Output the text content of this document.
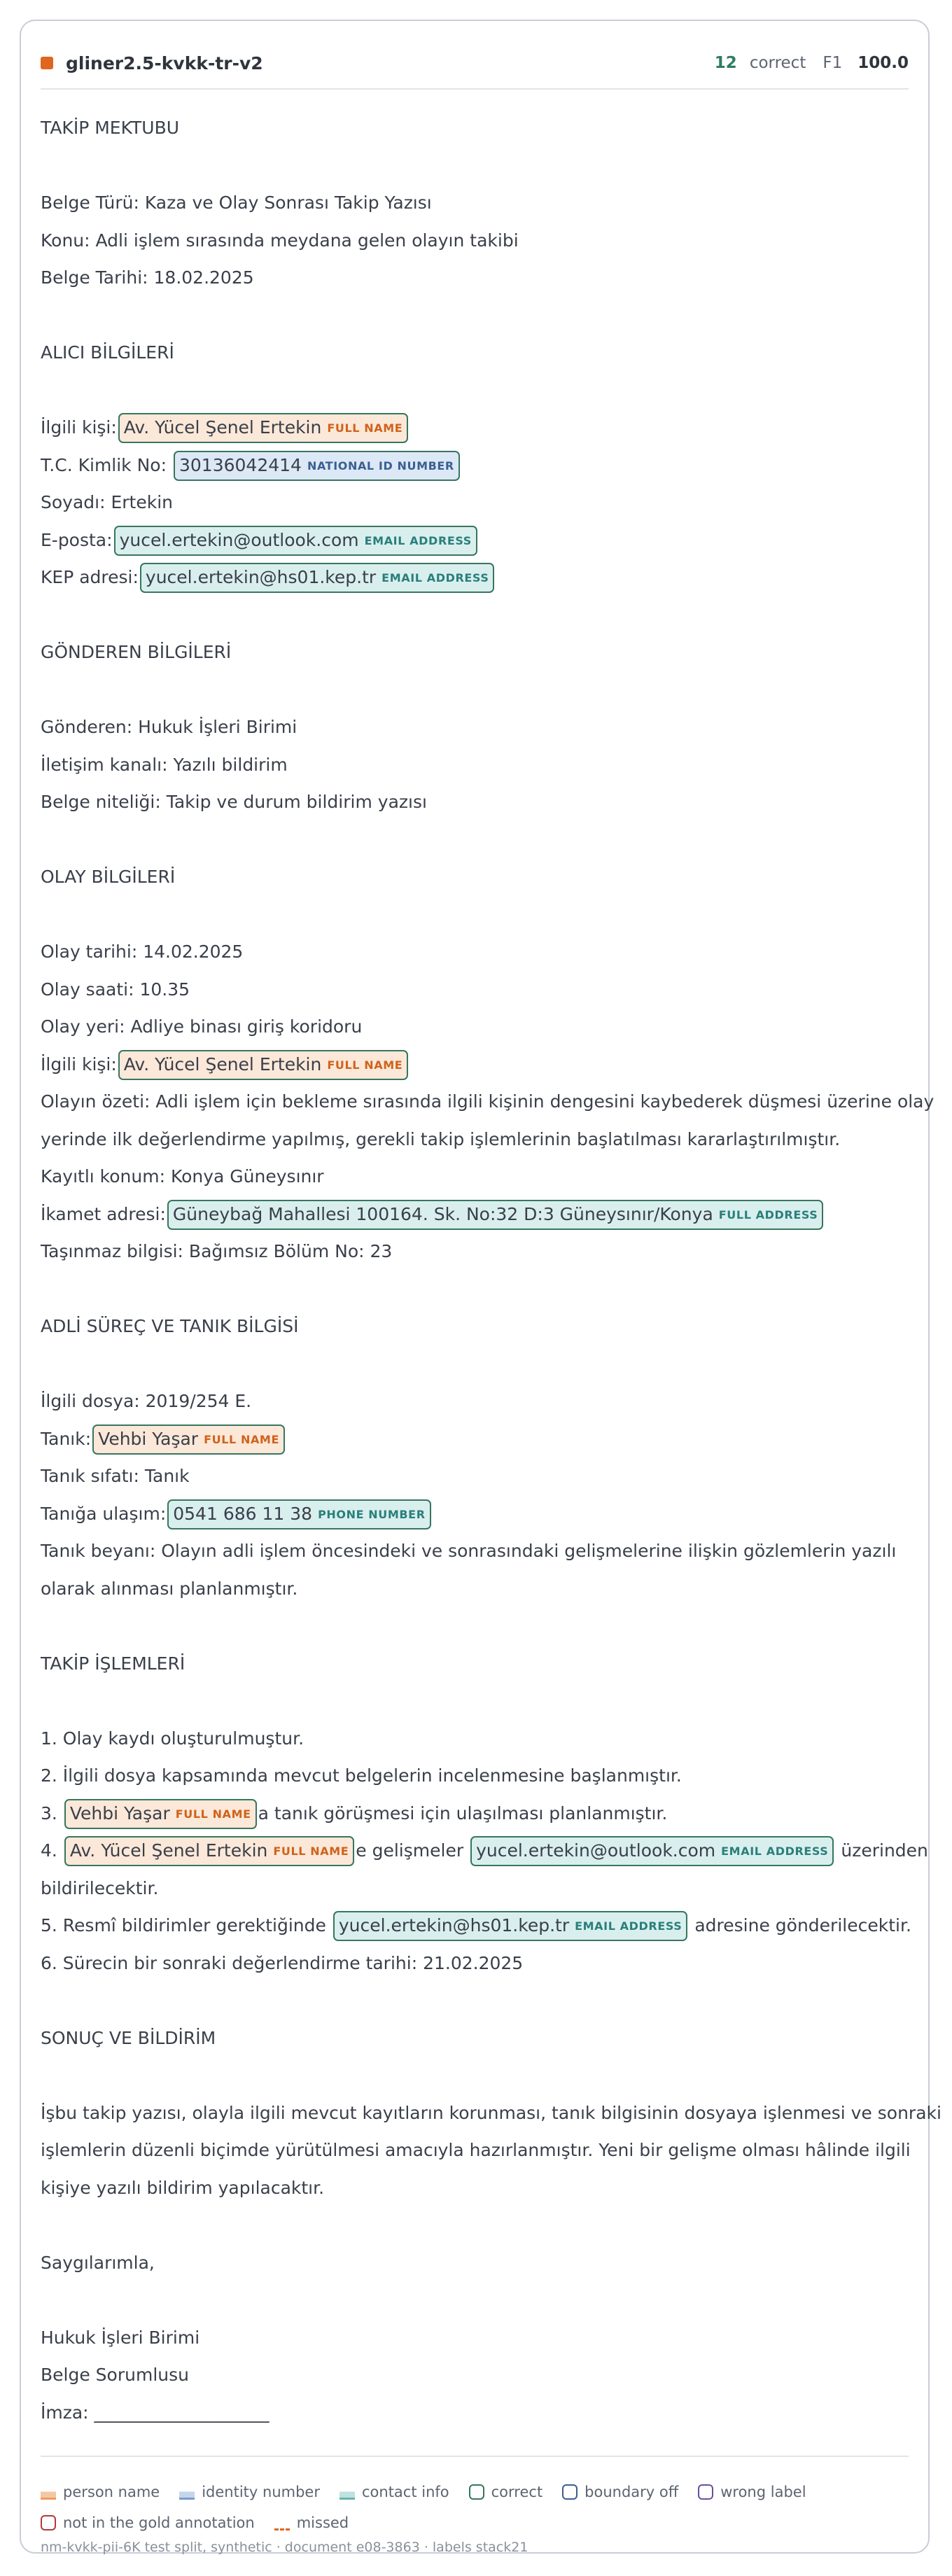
gliner2.5-kvkk-tr-v2	12 correct F1 100.0
TAKİP MEKTUBU
Belge Türü: Kaza ve Olay Sonrası Takip Yazısı
Konu: Adli işlem sırasında meydana gelen olayın takibi
Belge Tarihi: 18.02.2025
ALICI BİLGİLERİ
İlgili kişi: Av. Yücel Şenel Ertekin FULL NAME
T.C. Kimlik No: 30136042414 NATIONAL ID NUMBER
Soyadı: Ertekin
E-posta: yucel.ertekin@outlook.com EMAIL ADDRESS
KEP adresi: yucel.ertekin@hs01.kep.tr EMAIL ADDRESS
GÖNDEREN BİLGİLERİ
Gönderen: Hukuk İşleri Birimi
İletişim kanalı: Yazılı bildirim
Belge niteliği: Takip ve durum bildirim yazısı
OLAY BİLGİLERİ
Olay tarihi: 14.02.2025
Olay saati: 10.35
Olay yeri: Adliye binası giriş koridoru
İlgili kişi: Av. Yücel Şenel Ertekin FULL NAME
Olayın özeti: Adli işlem için bekleme sırasında ilgili kişinin dengesini kaybederek düşmesi üzerine olay
yerinde ilk değerlendirme yapılmış, gerekli takip işlemlerinin başlatılması kararlaştırılmıştır.
Kayıtlı konum: Konya Güneysınır
İkamet adresi: Güneybağ Mahallesi 100164. Sk. No:32 D:3 Güneysınır/Konya FULL ADDRESS
Taşınmaz bilgisi: Bağımsız Bölüm No: 23
ADLİ SÜREÇ VE TANIK BİLGİSİ
İlgili dosya: 2019/254 E.
Tanık: Vehbi Yaşar FULL NAME
Tanık sıfatı: Tanık
Tanığa ulaşım: 0541 686 11 38 PHONE NUMBER
Tanık beyanı: Olayın adli işlem öncesindeki ve sonrasındaki gelişmelerine ilişkin gözlemlerin yazılı
olarak alınması planlanmıştır.
TAKİP İŞLEMLERİ
1. Olay kaydı oluşturulmuştur.
2. İlgili dosya kapsamında mevcut belgelerin incelenmesine başlanmıştır.
3. Vehbi Yaşar FULL NAME a tanık görüşmesi için ulaşılması planlanmıştır.
4. Av. Yücel Şenel Ertekin FULL NAME e gelişmeler yucel.ertekin@outlook.com EMAIL ADDRESS üzerinden
bildirilecektir.
5. Resmî bildirimler gerektiğinde yucel.ertekin@hs01.kep.tr EMAIL ADDRESS adresine gönderilecektir.
6. Sürecin bir sonraki değerlendirme tarihi: 21.02.2025
SONUÇ VE BİLDİRİM
İşbu takip yazısı, olayla ilgili mevcut kayıtların korunması, tanık bilgisinin dosyaya işlenmesi ve sonraki
işlemlerin düzenli biçimde yürütülmesi amacıyla hazırlanmıştır. Yeni bir gelişme olması hâlinde ilgili
kişiye yazılı bildirim yapılacaktır.
Saygılarımla,
Hukuk İşleri Birimi
Belge Sorumlusu
İmza: ____________________
person name	identity number	contact info	correct	boundary off	wrong label
not in the gold annotation	missed
nm-kvkk-pii-6K test split, synthetic · document e08-3863 · labels stack21
